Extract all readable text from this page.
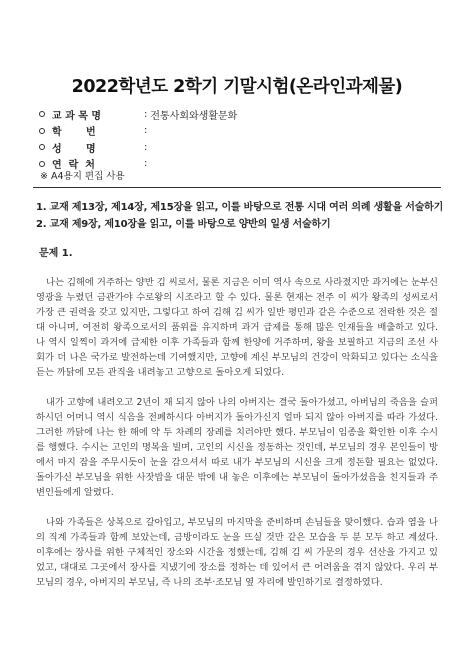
2022학년도 2학기 기말시험(온라인과제물)
교 과 목 명	: 전통사회와생활문화
학       번	:
성       명	:
연  락  처	:
※ A4용지 편집 사용
1. 교재 제13장, 제14장, 제15장을 읽고, 이를 바탕으로 전통 시대 여러 의례 생활을 서술하기
2. 교재 제9장, 제10장을 읽고, 이를 바탕으로 양반의 일생 서술하기
문제 1.

나는 김해에 거주하는 양반 김 씨로서, 물론 지금은 이미 역사 속으로 사라졌지만 과거에는 눈부신 영광을 누렸던 금관가야 수로왕의 시조라고 할 수 있다. 물론 현재는 전주 이 씨가 왕족의 성씨로서 가장 큰 권력을 갖고 있지만, 그렇다고 하여 김해 김 씨가 일반 평민과 같은 수준으로 전락한 것은 절대 아니며, 여전히 왕족으로서의 품위를 유지하며 과거 급제를 통해 많은 인재들을 배출하고 있다. 나 역시 일찍이 과거에 급제한 이후 가족들과 함께 한양에 거주하며, 왕을 보필하고 지금의 조선 사회가 더 나은 국가로 발전하는데 기여했지만, 고향에 계신 부모님의 건강이 악화되고 있다는 소식을 듣는 까닭에 모든 관직을 내려놓고 고향으로 돌아오게 되었다.

내가 고향에 내려오고 2년이 채 되지 않아 나의 아버지는 결국 돌아가셨고, 아버님의 죽음을 슬퍼하시던 어머니 역시 식음을 전폐하시다 아버지가 돌아가신지 얼마 되지 않아 아버지를 따라 가셨다. 그러한 까닭에 나는 한 해에 약 두 차례의 장례를 치러야만 했다. 부모님이 임종을 확인한 이후 수시를 행했다. 수시는 고인의 명복을 빌며, 고인의 시신을 정동하는 것인데, 부모님의 경우 본인들이 방에서 마지 잠을 주무시듯이 눈을 감으셔서 따로 내가 부모님의 시신을 크게 정돈할 필요는 없었다. 돌아가신 부모님을 위한 사잣밥을 대문 밖에 내 놓은 이후에는 부모님이 돌아가셨음을 친지들과 주변인들에게 알렸다.

나와 가족들은 상복으로 갈아입고, 부모님의 마지막을 준비하며 손님들을 맞이했다. 습과 염을 나의 직계 가족들과 함께 보았는데, 금방이라도 눈을 뜨실 것만 같은 모습을 두 분 모두 하고 계셨다. 이후에는 장사를 위한 구체적인 장소와 시간을 정했는데, 김해 김 씨 가문의 경우 선산을 가지고 있었고, 대대로 그곳에서 장사를 지냈기에 장소를 정하는 데 있어서 큰 어려움을 겪지 않았다. 우리 부모님의 경우, 아버지의 부모님, 즉 나의 조부·조모님 옆 자리에 발인하기로 결정하였다.
